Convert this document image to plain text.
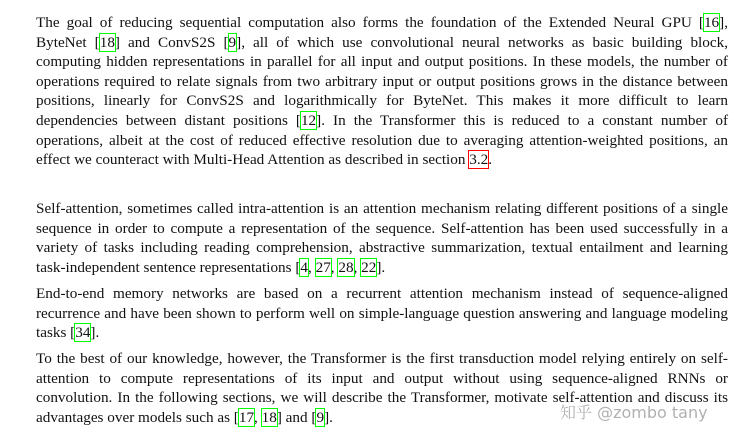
The goal of reducing sequential computation also forms the foundation of the Extended Neural GPU [16], ByteNet [18] and ConvS2S [9], all of which use convolutional neural networks as basic building block, computing hidden representations in parallel for all input and output positions. In these models, the number of operations required to relate signals from two arbitrary input or output positions grows in the distance between positions, linearly for ConvS2S and logarithmically for ByteNet. This makes it more difficult to learn dependencies between distant positions [12]. In the Transformer this is reduced to a constant number of operations, albeit at the cost of reduced effective resolution due to averaging attention-weighted positions, an effect we counteract with Multi-Head Attention as described in section 3.2.

Self-attention, sometimes called intra-attention is an attention mechanism relating different positions of a single sequence in order to compute a representation of the sequence. Self-attention has been used successfully in a variety of tasks including reading comprehension, abstractive summarization, textual entailment and learning task-independent sentence representations [4, 27, 28, 22].

End-to-end memory networks are based on a recurrent attention mechanism instead of sequence-aligned recurrence and have been shown to perform well on simple-language question answering and language modeling tasks [34].

To the best of our knowledge, however, the Transformer is the first transduction model relying entirely on self-attention to compute representations of its input and output without using sequence-aligned RNNs or convolution. In the following sections, we will describe the Transformer, motivate self-attention and discuss its advantages over models such as [17, 18] and [9].	知乎 @zombo tany
